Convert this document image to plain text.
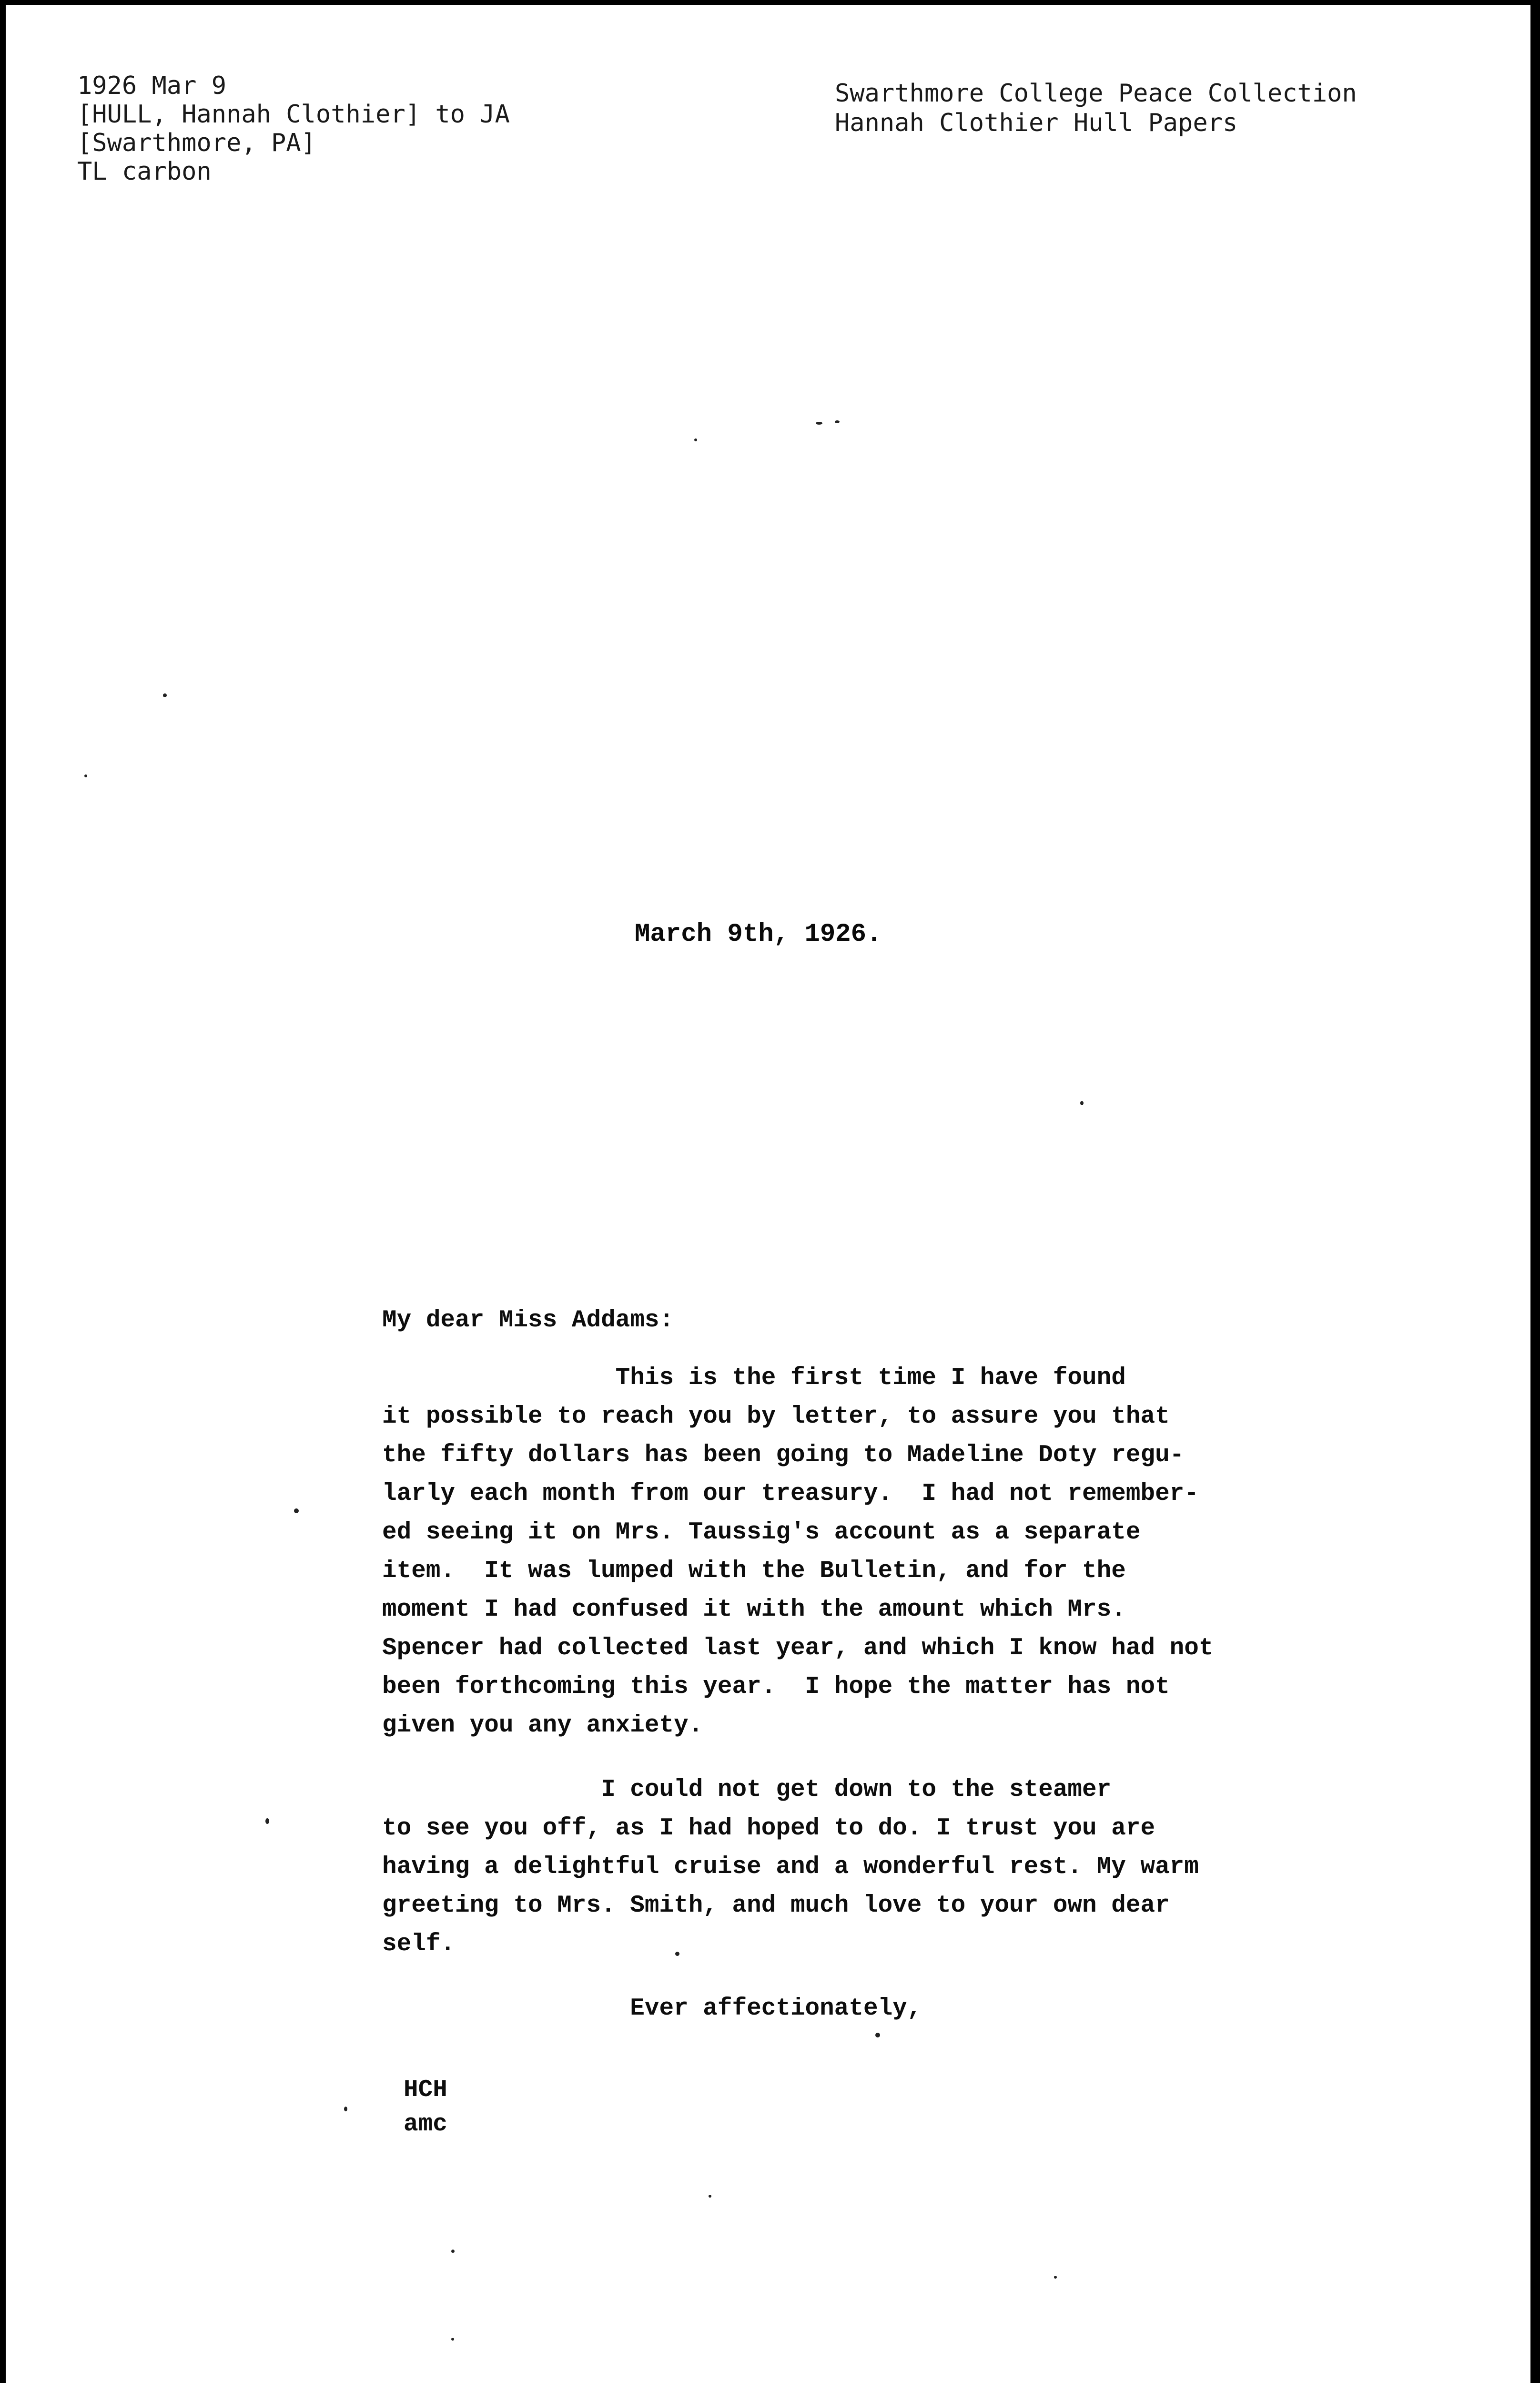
1926 Mar 9
[HULL, Hannah Clothier] to JA
[Swarthmore, PA]
TL carbon
Swarthmore College Peace Collection
Hannah Clothier Hull Papers
March 9th, 1926.
My dear Miss Addams:
This is the first time I have found
it possible to reach you by letter, to assure you that
the fifty dollars has been going to Madeline Doty regu-
larly each month from our treasury.  I had not remember-
ed seeing it on Mrs. Taussig's account as a separate
item.  It was lumped with the Bulletin, and for the
moment I had confused it with the amount which Mrs.
Spencer had collected last year, and which I know had not
been forthcoming this year.  I hope the matter has not
given you any anxiety.
I could not get down to the steamer
to see you off, as I had hoped to do. I trust you are
having a delightful cruise and a wonderful rest. My warm
greeting to Mrs. Smith, and much love to your own dear
self.
Ever affectionately,
HCH
amc
